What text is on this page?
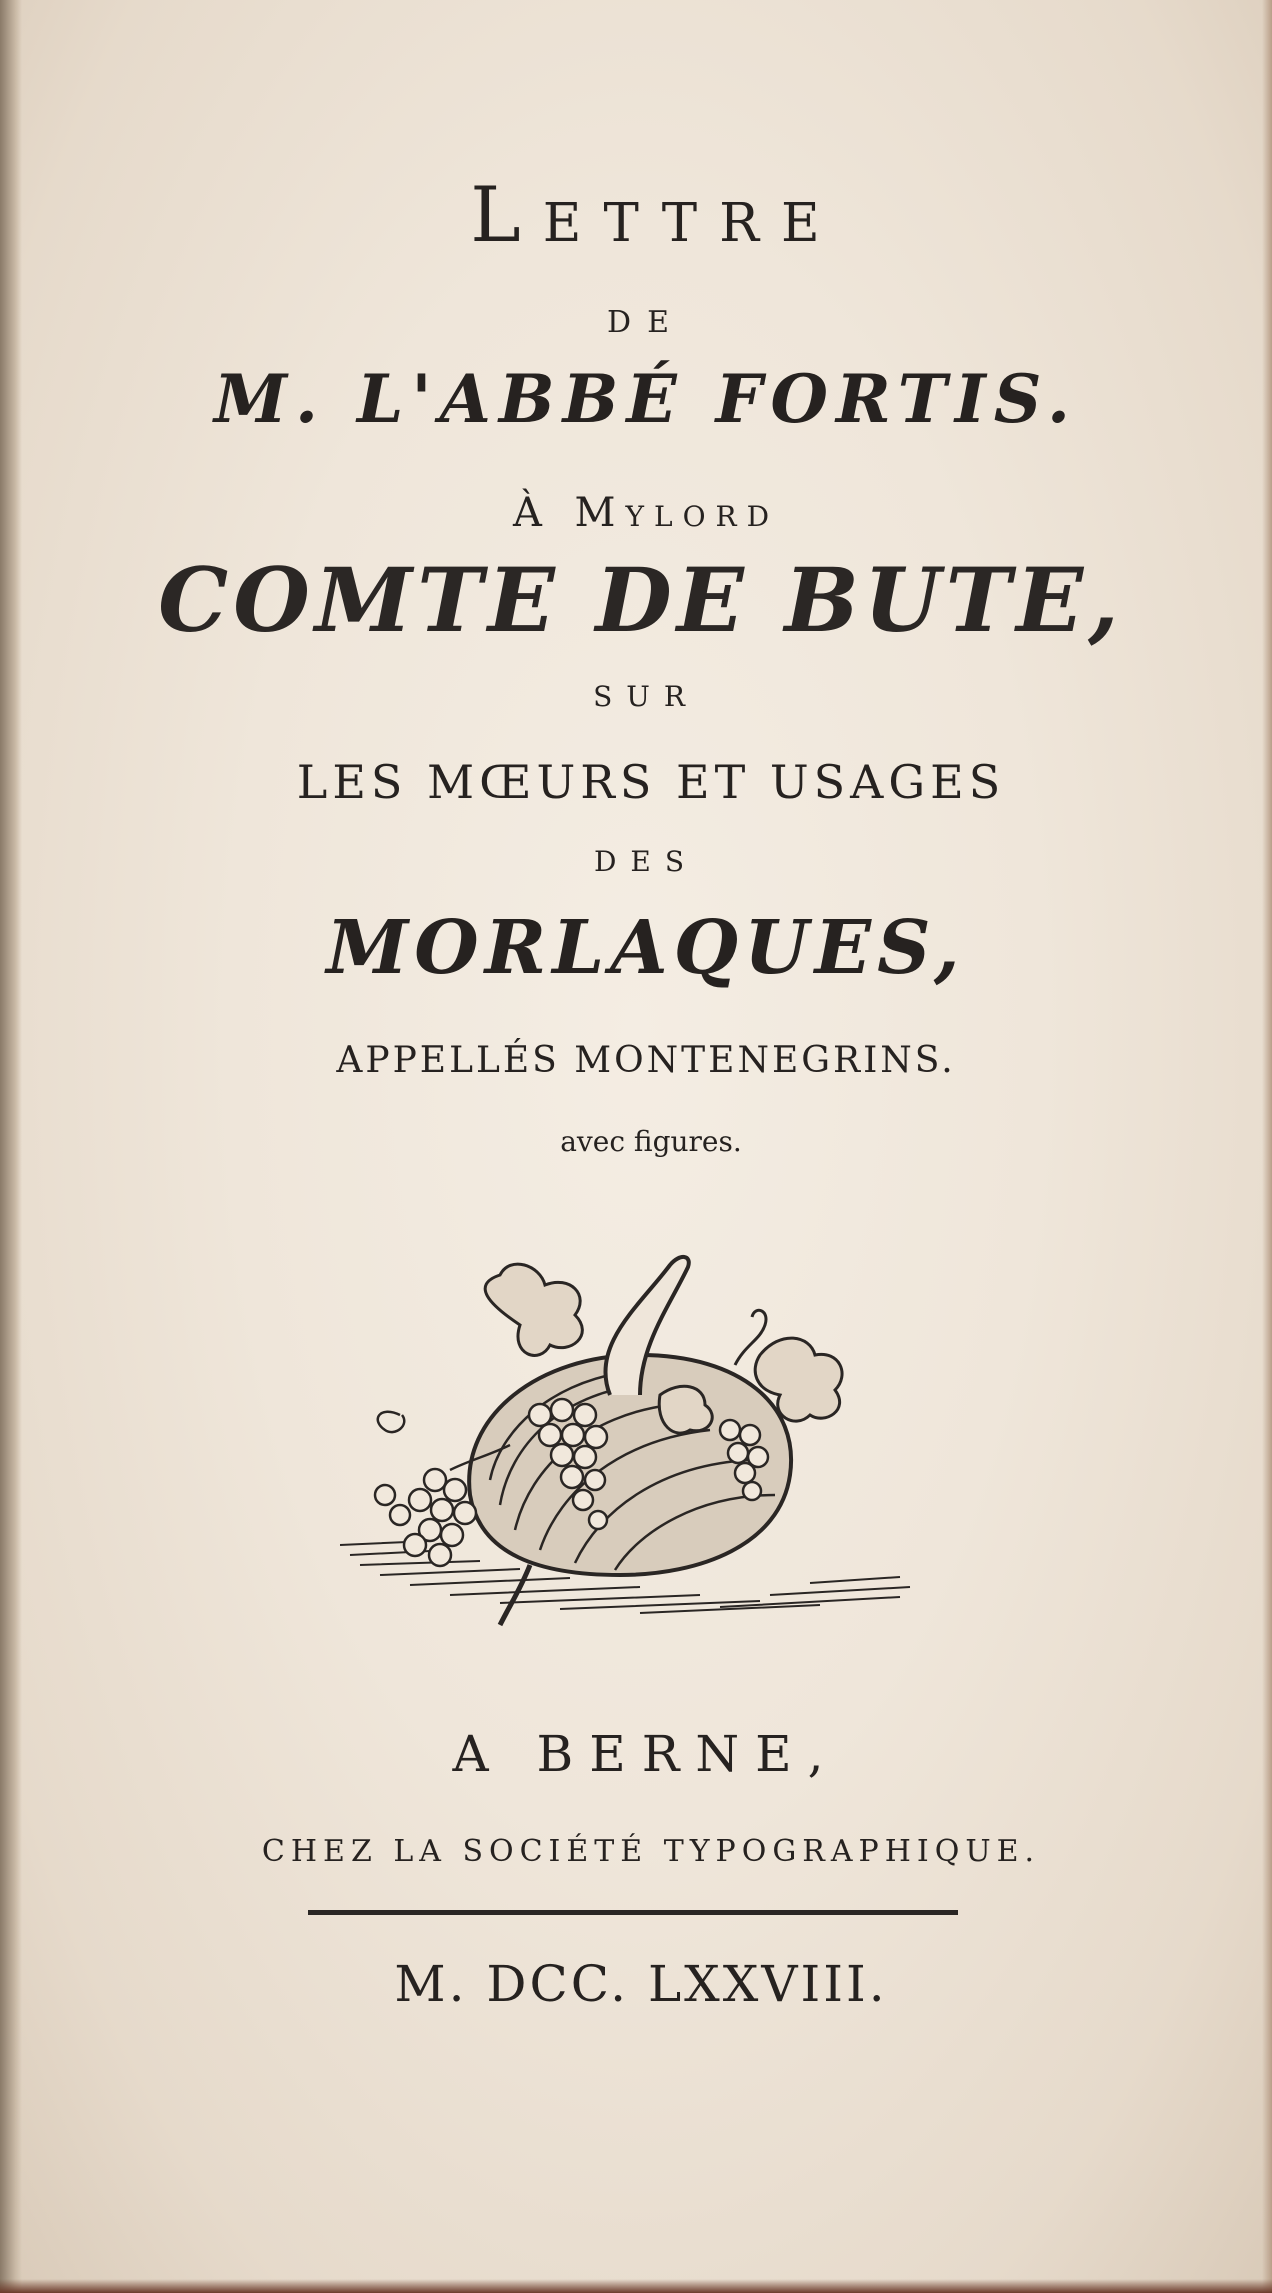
Lettre
DE
M. L'ABBÉ FORTIS.
À Mylord
COMTE DE BUTE,
SUR
LES MŒURS ET USAGES
DES
MORLAQUES,
APPELLÉS MONTENEGRINS.
avec figures.
A BERNE,
CHEZ LA SOCIÉTÉ TYPOGRAPHIQUE.
M. DCC. LXXVIII.
